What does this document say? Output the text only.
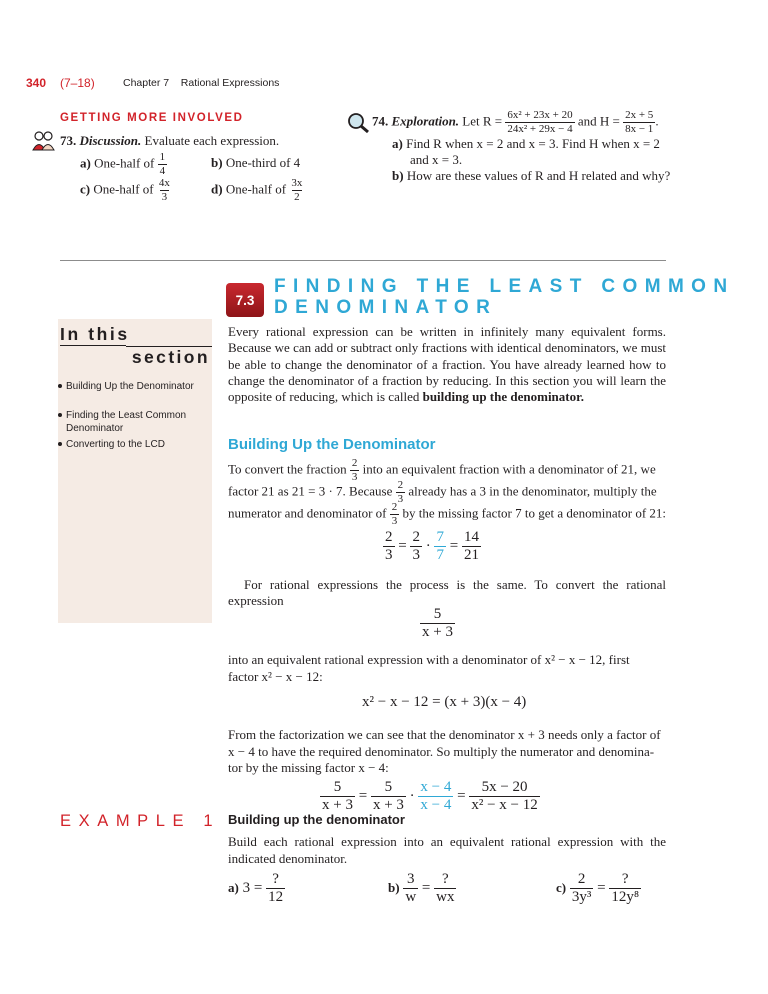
340 (7–18)	Chapter 7    Rational Expressions
GETTING MORE INVOLVED
73. Discussion. Evaluate each expression.
a) One-half of $\frac{1}{4}$	b) One-third of 4
c) One-half of $\frac{4x}{3}$	d) One-half of $\frac{3x}{2}$
74. Exploration. Let $R = \frac{\text{6x² + 23x + 20}}{\text{24x² + 29x − 4}}$ and $H = \frac{2x + 5}{8x - 1}$ .
a) Find R when x = 2 and x = 3. Find H when x = 2
and x = 3.
b) How are these values of R and H related and why?
7.3
FINDING THE LEAST COMMON
DENOMINATOR
In this
section
Building Up the Denominator
Finding the Least Common Denominator
Converting to the LCD
Every rational expression can be written in infinitely many equivalent forms.
Because we can add or subtract only fractions with identical denominators, we must
be able to change the denominator of a fraction. You have already learned how to
change the denominator of a fraction by reducing. In this section you will learn the
opposite of reducing, which is called building up the denominator.
Building Up the Denominator
To convert the fraction $\frac{2}{3}$ into an equivalent fraction with a denominator of 21, we
factor 21 as 21 = 3 · 7. Because $\frac{2}{3}$ already has a 3 in the denominator, multiply the
numerator and denominator of $\frac{2}{3}$ by the missing factor 7 to get a denominator of 21:
$\frac{2}{3} = \frac{2}{3} \cdot \frac{7}{7} = \frac{14}{21}$
For rational expressions the process is the same. To convert the rational
expression
$\frac{5}{x + 3}$
into an equivalent rational expression with a denominator of x² − x − 12, first
factor x² − x − 12:
x² − x − 12 = (x + 3)(x − 4)
From the factorization we can see that the denominator x + 3 needs only a factor of
x − 4 to have the required denominator. So multiply the numerator and denomina-
tor by the missing factor x − 4:
$\frac{5}{x + 3} = \frac{5}{x + 3} \cdot \frac{x - 4}{x - 4} = \frac{5x - 20}{\text{x² − x − 12}}$
EXAMPLE 1 Building up the denominator
Build each rational expression into an equivalent rational expression with the
indicated denominator.
a) $3 = \frac{?}{12}$	$b) \frac{3}{w} = \frac{?}{wx}$	$c) \frac{2}{\text{3y³}} = \frac{?}{\text{12y⁸}}$
